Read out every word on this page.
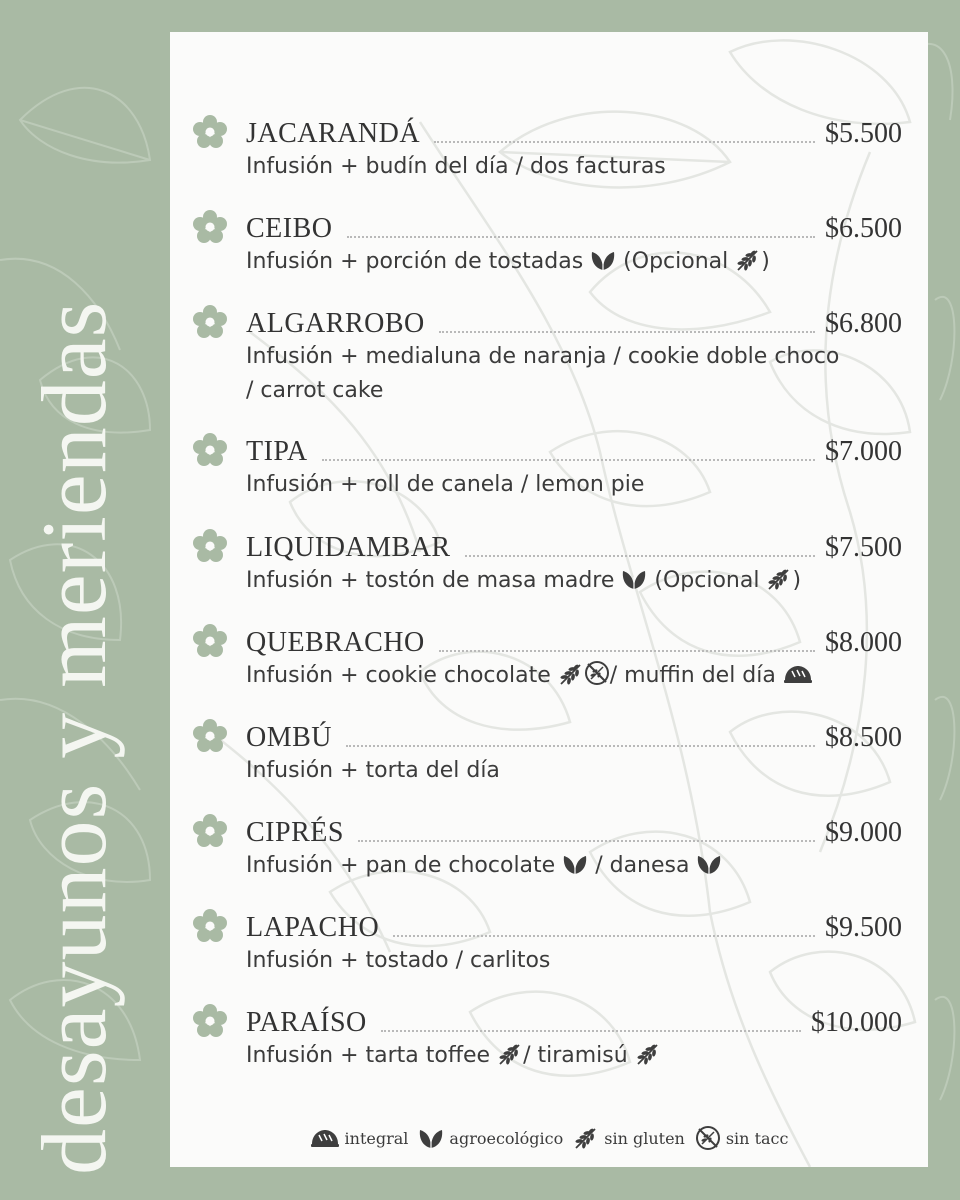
desayunos y meriendas
JACARANDÁ	$5.500
Infusión + budín del día / dos facturas
CEIBO	$6.500
Infusión + porción de tostadas
(Opcional
)
ALGARROBO	$6.800
Infusión + medialuna de naranja / cookie doble choco / carrot cake
TIPA	$7.000
Infusión + roll de canela / lemon pie
LIQUIDAMBAR	$7.500
Infusión + tostón de masa madre
(Opcional
)
QUEBRACHO	$8.000
Infusión + cookie chocolate
/ muffin del día
OMBÚ	$8.500
Infusión + torta del día
CIPRÉS	$9.000
Infusión + pan de chocolate
/ danesa
LAPACHO	$9.500
Infusión + tostado / carlitos
PARAÍSO	$10.000
Infusión + tarta toffee
/ tiramisú
integral	agroecológico	sin gluten	sin tacc
